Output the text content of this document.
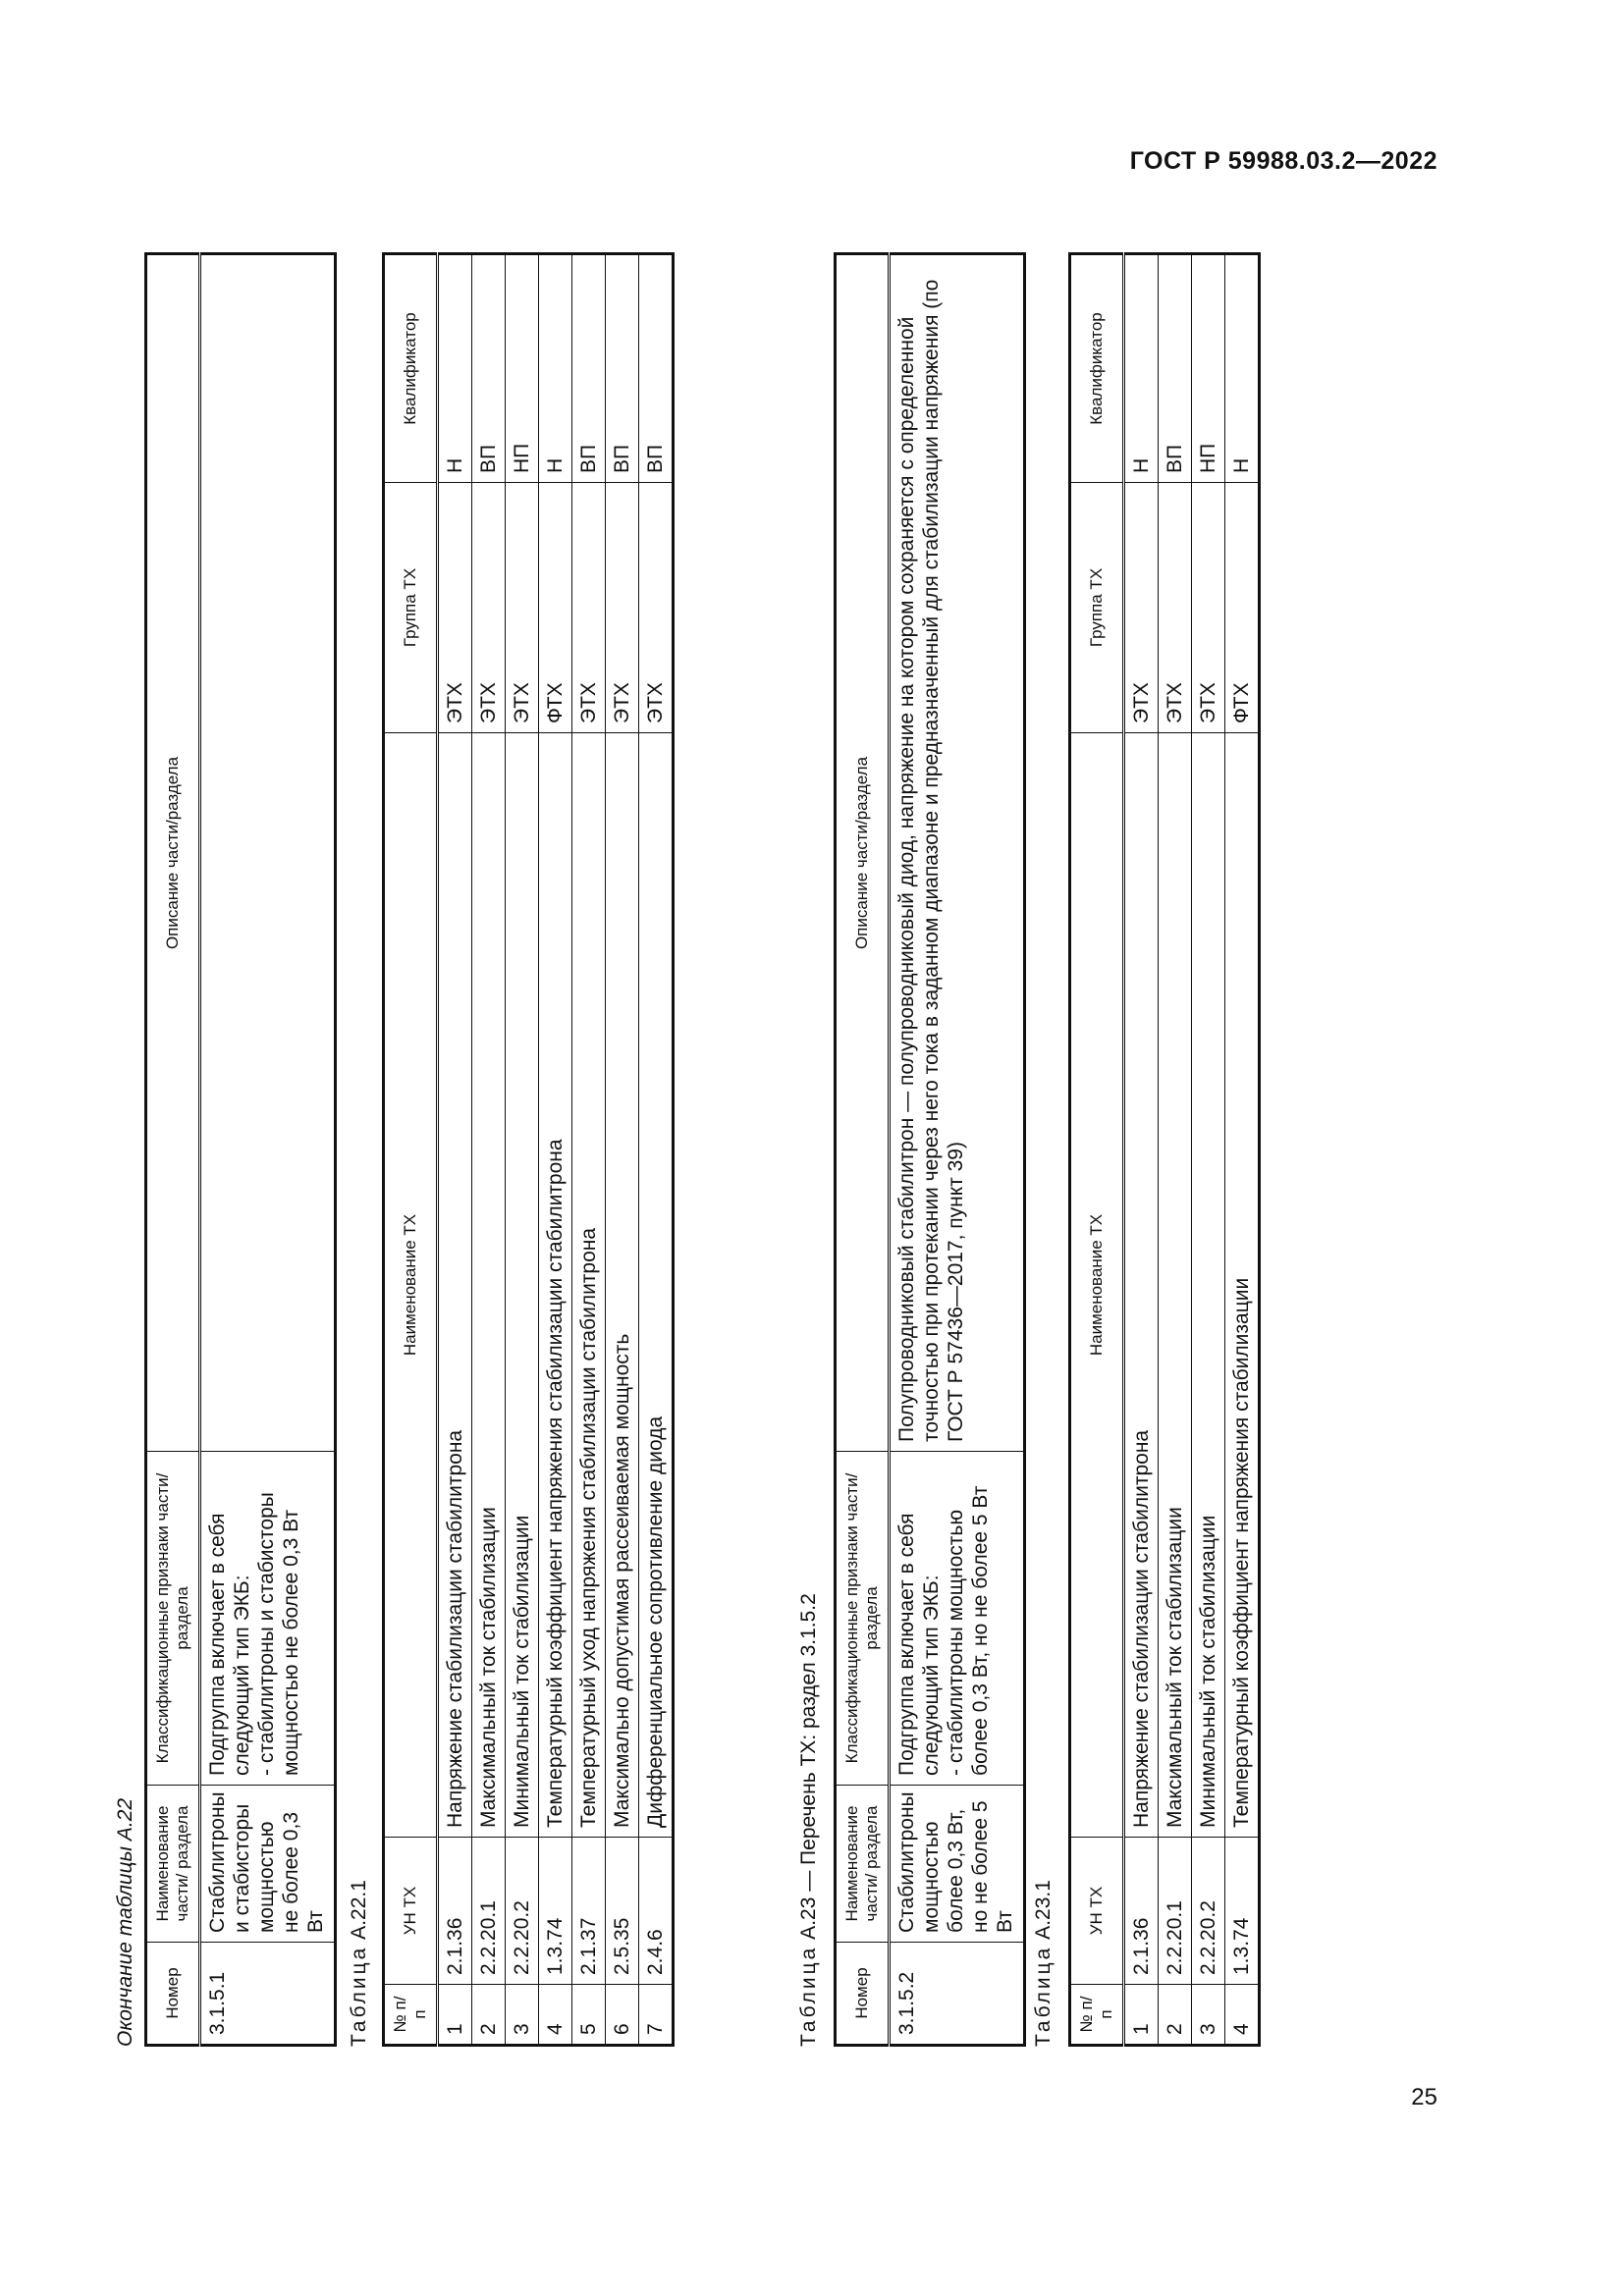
ГОСТ Р 59988.03.2—2022
25
Окончание таблицы А.22 Номер	Наименование части/ раздела	Классификационные признаки части/ раздела	Описание части/раздела
3.1.5.1	Стабилитроны и стабисторы мощностью не более 0,3 Вт	Подгруппа включает в себя следующий тип ЭКБ: - стабилитроны и стабисторы мощностью не более 0,3 Вт	

Таблица А.22.1
№ п/п	УН ТХ	Наименование ТХ	Группа ТХ	Квалификатор
1	2.1.36	Напряжение стабилизации стабилитрона	ЭТХ	Н
2	2.2.20.1	Максимальный ток стабилизации	ЭТХ	ВП
3	2.2.20.2	Минимальный ток стабилизации	ЭТХ	НП
4	1.3.74	Температурный коэффициент напряжения стабилизации стабилитрона	ФТХ	Н
5	2.1.37	Температурный уход напряжения стабилизации стабилитрона	ЭТХ	ВП
6	2.5.35	Максимально допустимая рассеиваемая мощность	ЭТХ	ВП
7	2.4.6	Дифференциальное сопротивление диода	ЭТХ	ВП
Таблица А.23 — Перечень ТХ: раздел 3.1.5.2
Номер	Наименование части/ раздела	Классификационные признаки части/ раздела	Описание части/раздела
3.1.5.2	Стабилитроны мощностью более 0,3 Вт, но не более 5 Вт	Подгруппа включает в себя следующий тип ЭКБ: - стабилитроны мощностью более 0,3 Вт, но не более 5 Вт	Полупроводниковый стабилитрон — полупроводниковый диод, напряжение на котором сохраняется с определенной точностью при протекании через него тока в заданном диапазоне и предназначенный для стабилизации напряжения (по ГОСТ Р 57436—2017, пункт 39)
Таблица А.23.1
№ п/п	УН ТХ	Наименование ТХ	Группа ТХ	Квалификатор
1	2.1.36	Напряжение стабилизации стабилитрона	ЭТХ	Н
2	2.2.20.1	Максимальный ток стабилизации	ЭТХ	ВП
3	2.2.20.2	Минимальный ток стабилизации	ЭТХ	НП
4	1.3.74	Температурный коэффициент напряжения стабилизации	ФТХ	Н
